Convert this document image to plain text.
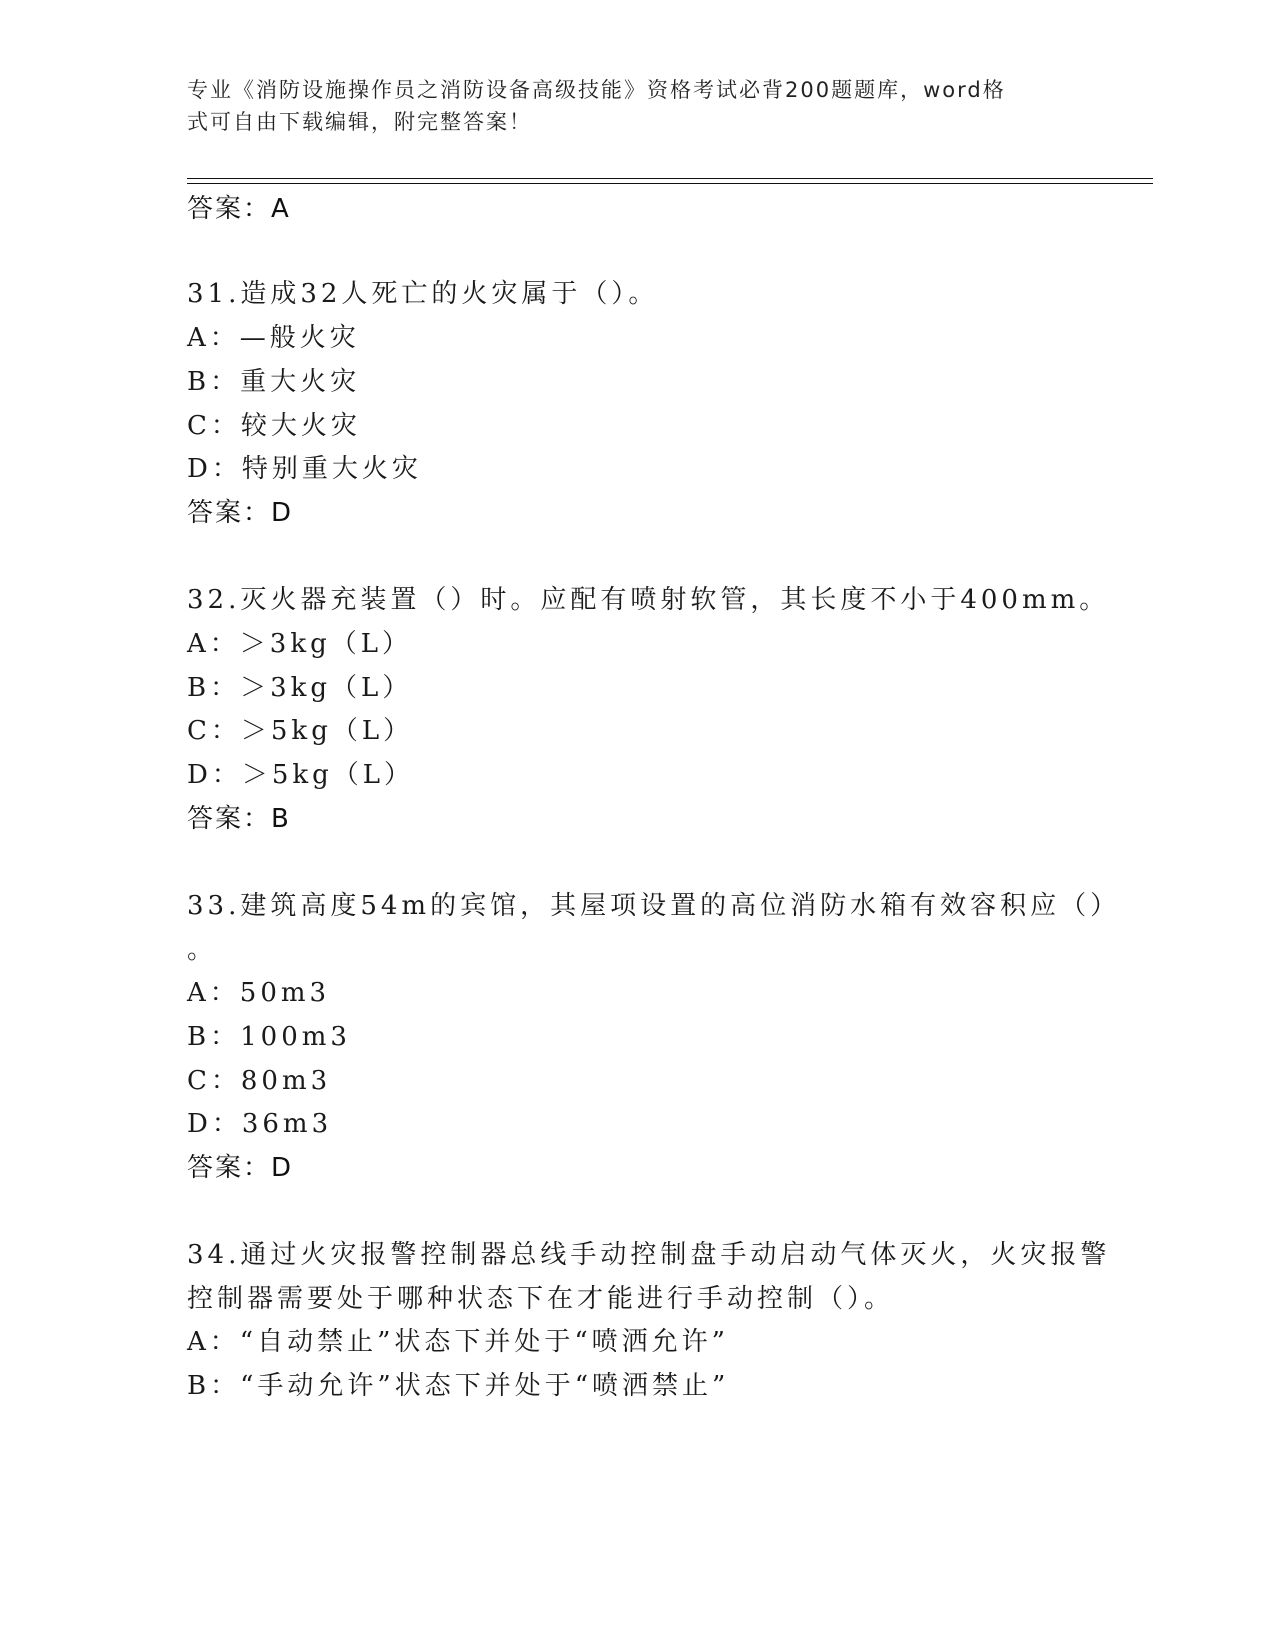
专业《消防设施操作员之消防设备高级技能》资格考试必背200题题库，word格
式可自由下载编辑，附完整答案！
答案：A
31.造成32人死亡的火灾属于（）。
A：—般火灾
B：重大火灾
C：较大火灾
D：特别重大火灾
答案：D
32.灭火器充装置（）时。应配有喷射软管，其长度不小于400mm。
A：＞3kg（L）
B：＞3kg（L）
C：＞5kg（L）
D：＞5kg（L）
答案：B
33.建筑高度54m的宾馆，其屋项设置的高位消防水箱有效容积应（）
。
A：50m3
B：100m3
C：80m3
D：36m3
答案：D
34.通过火灾报警控制器总线手动控制盘手动启动气体灭火，火灾报警
控制器需要处于哪种状态下在才能进行手动控制（）。
A：“自动禁止”状态下并处于“喷洒允许”
B：“手动允许”状态下并处于“喷洒禁止”
